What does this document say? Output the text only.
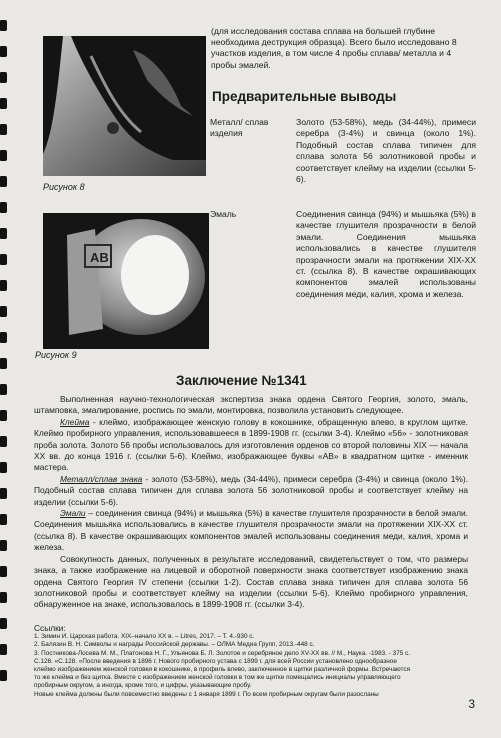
Рисунок 8
AB
Рисунок 9
(для исследования состава сплава на большей глубине необходима деструкция образца). Всего было исследовано 8 участков изделия, в том числе 4 пробы сплава/ металла и 4 пробы эмалей.
Предварительные выводы
Металл/ сплав изделия
Золото (53-58%), медь (34-44%), примеси серебра (3-4%) и свинца (около 1%). Подобный состав сплава типичен для сплава золота 56 золотниковой пробы и соответствует клейму на изделии (ссылки 5-6).
Эмаль	Соединения свинца (94%) и мышьяка (5%) в качестве глушителя прозрачности в белой эмали. Соединения мышьяка использовались в качестве глушителя прозрачности эмали на протяжении XIX-XX ст. (ссылка 8). В качестве окрашивающих компонентов эмалей использованы соединения меди, калия, хрома и железа.
Заключение №1341

Выполненная научно-технологическая экспертиза знака ордена Святого Георгия, золото, эмаль, штамповка, эмалирование, роспись по эмали, монтировка, позволила установить следующее.

Клейма - клеймо, изображающее женскую голову в кокошнике, обращенную влево, в круглом щитке. Клеймо пробирного управления, использовавшееся в 1899-1908 гг. (ссылки 3-4). Клеймо «56» - золотниковая проба золота. Золото 56 пробы использовалось для изготовления орденов со второй половины XIX — начала XX вв. до конца 1916 г. (ссылки 5-6). Клеймо, изображающее буквы «AB» в квадратном щитке - именник мастера.

Металл/сплав знака - золото (53-58%), медь (34-44%), примеси серебра (3-4%) и свинца (около 1%). Подобный состав сплава типичен для сплава золота 56 золотниковой пробы и соответствует клейму на изделии (ссылки 5-6).

Эмали – соединения свинца (94%) и мышьяка (5%) в качестве глушителя прозрачности в белой эмали. Соединения мышьяка использовались в качестве глушителя прозрачности эмали на протяжении XIX-XX ст. (ссылка 8). В качестве окрашивающих компонентов эмалей использованы соединения меди, калия, хрома и железа.

Совокупность данных, полученных в результате исследований, свидетельствует о том, что размеры знака, а также изображение на лицевой и оборотной поверхности знака соответствует изображению знака ордена Святого Георгия IV степени (ссылки 1-2). Состав сплава знака типичен для сплава золота 56 золотниковой пробы и соответствует клейму на изделии (ссылки 5-6). Клеймо пробирного управления, обнаруженное на знаке, использовалось в 1899-1908 гг. (ссылки 3-4).

Ссылки:
1. Зимин И. Царская работа. XIX–начало XX в. – Litres, 2017. – Т. 4.-930 с.
2. Балязин В. Н. Символы и награды Российской державы. – ОЛМА Медиа Групп, 2013.-448 с.
3. Постникова-Лосева М. М., Платонова Н. Г., Ульянова Б. Л. Золотое и серебряное дело XV-XX вв. // М., Наука. -1983. - 375 с.
С.128. «С.128. «После введения в 1896 г. Нового пробирного устава с 1899 г. для всей России установлено однообразное
клеймо изображением женской головки в кокошнике, в профиль влево, заключенное в щитки различной формы. Встречаются
то же клейма и без щитка. Вместе с изображением женской головки в том же щитке помещались инициалы управляющего
пробирным округом, а иногда, кроме того, и цифры, указывающие пробу.
Новые клейма должны были повсеместно введены с 1 января 1899 г. По всем пробирным округам были разосланы
3
